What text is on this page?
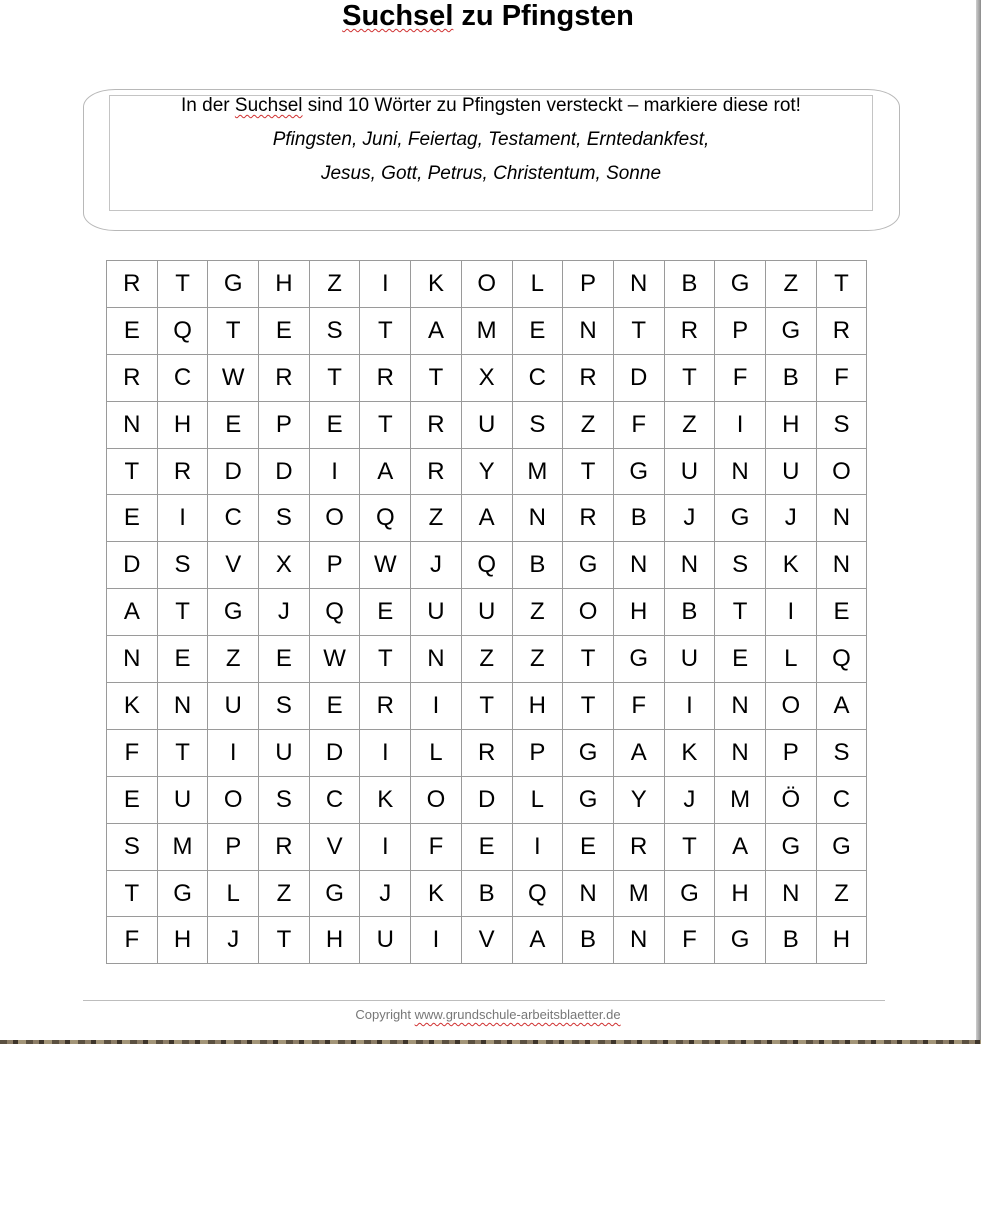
Suchsel zu Pfingsten
In der Suchsel sind 10 Wörter zu Pfingsten versteckt – markiere diese rot!
Pfingsten, Juni, Feiertag, Testament, Erntedankfest,
Jesus, Gott, Petrus, Christentum, Sonne
R	T	G	H	Z	I	K	O	L	P	N	B	G	Z	T
E	Q	T	E	S	T	A	M	E	N	T	R	P	G	R
R	C	W	R	T	R	T	X	C	R	D	T	F	B	F
N	H	E	P	E	T	R	U	S	Z	F	Z	I	H	S
T	R	D	D	I	A	R	Y	M	T	G	U	N	U	O
E	I	C	S	O	Q	Z	A	N	R	B	J	G	J	N
D	S	V	X	P	W	J	Q	B	G	N	N	S	K	N
A	T	G	J	Q	E	U	U	Z	O	H	B	T	I	E
N	E	Z	E	W	T	N	Z	Z	T	G	U	E	L	Q
K	N	U	S	E	R	I	T	H	T	F	I	N	O	A
F	T	I	U	D	I	L	R	P	G	A	K	N	P	S
E	U	O	S	C	K	O	D	L	G	Y	J	M	Ö	C
S	M	P	R	V	I	F	E	I	E	R	T	A	G	G
T	G	L	Z	G	J	K	B	Q	N	M	G	H	N	Z
F	H	J	T	H	U	I	V	A	B	N	F	G	B	H
Copyright www.grundschule-arbeitsblaetter.de
